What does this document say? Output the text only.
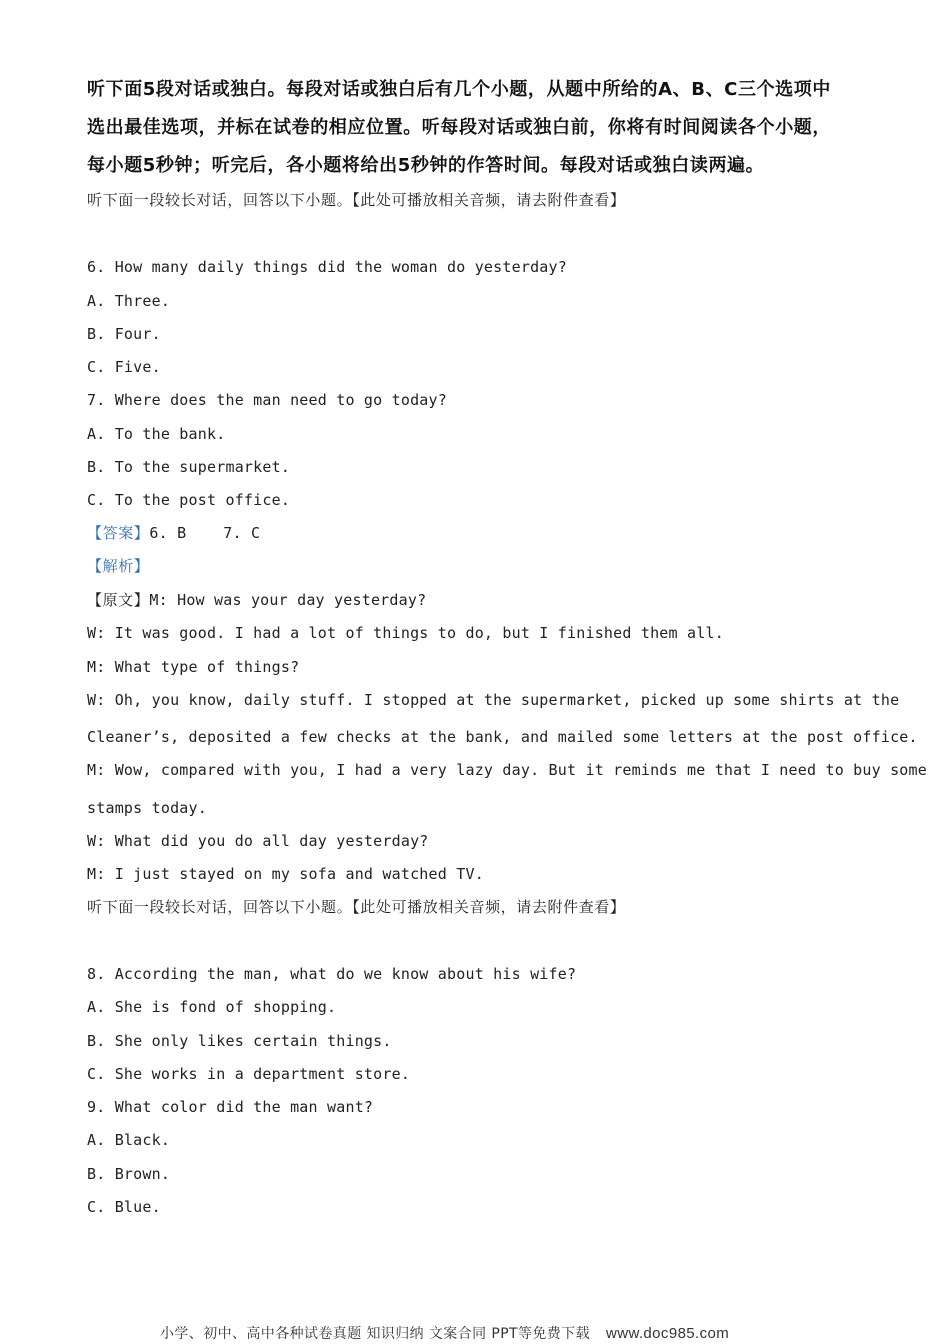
听下面5段对话或独白。每段对话或独白后有几个小题，从题中所给的A、B、C三个选项中
选出最佳选项，并标在试卷的相应位置。听每段对话或独白前，你将有时间阅读各个小题，
每小题5秒钟；听完后，各小题将给出5秒钟的作答时间。每段对话或独白读两遍。
听下面一段较长对话，回答以下小题。【此处可播放相关音频，请去附件查看】
6. How many daily things did the woman do yesterday?
A. Three.
B. Four.
C. Five.
7. Where does the man need to go today?
A. To the bank.
B. To the supermarket.
C. To the post office.
【答案】6. B    7. C
【解析】
【原文】M: How was your day yesterday?
W: It was good. I had a lot of things to do, but I finished them all.
M: What type of things?
W: Oh, you know, daily stuff. I stopped at the supermarket, picked up some shirts at the
Cleaner’s, deposited a few checks at the bank, and mailed some letters at the post office.
M: Wow, compared with you, I had a very lazy day. But it reminds me that I need to buy some
stamps today.
W: What did you do all day yesterday?
M: I just stayed on my sofa and watched TV.
听下面一段较长对话，回答以下小题。【此处可播放相关音频，请去附件查看】
8. According the man, what do we know about his wife?
A. She is fond of shopping.
B. She only likes certain things.
C. She works in a department store.
9. What color did the man want?
A. Black.
B. Brown.
C. Blue.
小学、初中、高中各种试卷真题 知识归纳 文案合同 PPT等免费下载 www.doc985.com
